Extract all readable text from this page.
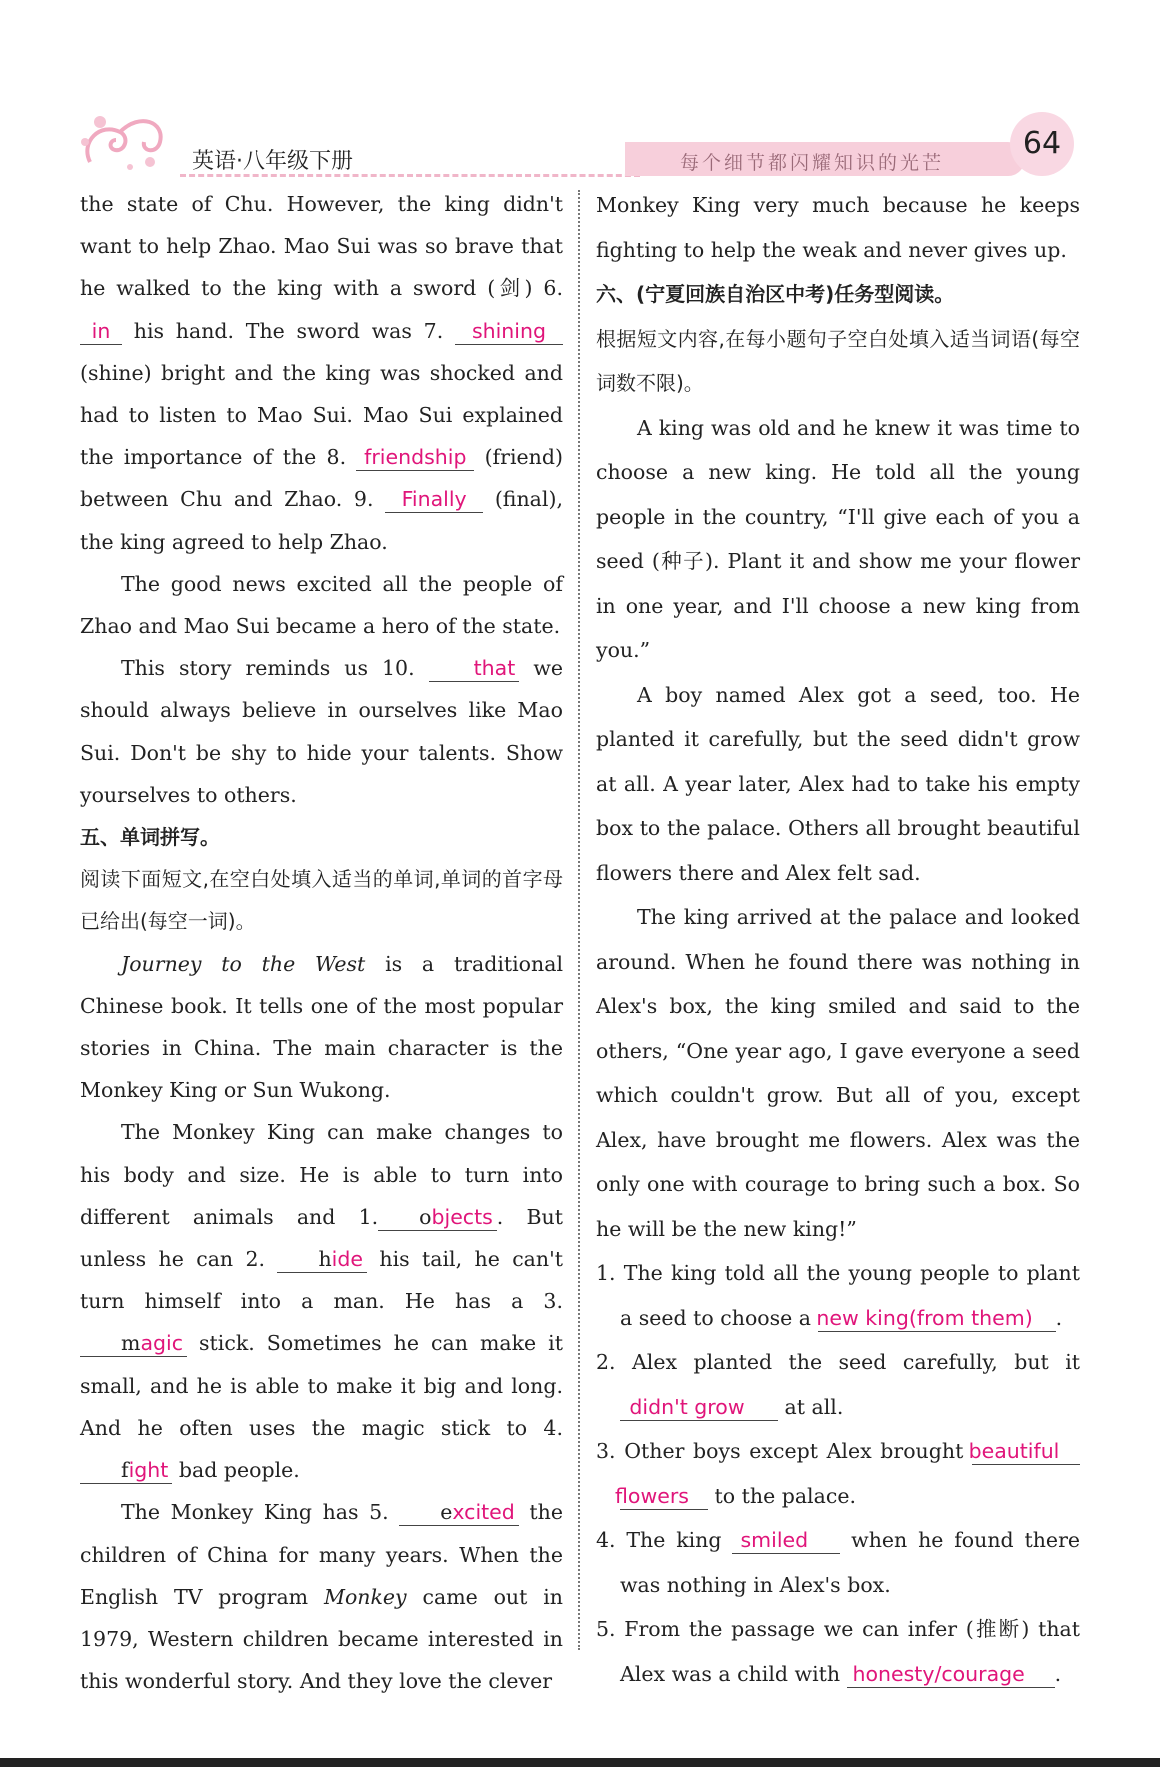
英语·八年级下册	每个细节都闪耀知识的光芒
64

the state of Chu. However, the king didn't want to help Zhao. Mao Sui was so brave that he walked to the king with a sword (剑) 6. in his hand. The sword was 7. shining (shine) bright and the king was shocked and had to listen to Mao Sui. Mao Sui explained the importance of the 8. friendship (friend) between Chu and Zhao. 9. Finally (final), the king agreed to help Zhao.

The good news excited all the people of Zhao and Mao Sui became a hero of the state.

This story reminds us 10.	that we should always believe in ourselves like Mao Sui. Don't be shy to hide your talents. Show yourselves to others.

五、单词拼写。

阅读下面短文,在空白处填入适当的单词,单词的首字母已给出(每空一词)。

Journey to the West is a traditional Chinese book. It tells one of the most popular stories in China. The main character is the Monkey King or Sun Wukong.

The Monkey King can make changes to his body and size. He is able to turn into different animals and 1. objects . But unless he can 2.	hide his tail, he can't turn himself into a man. He has a 3. magic stick. Sometimes he can make it small, and he is able to make it big and long. And he often uses the magic stick to 4. fight bad people.

The Monkey King has 5.	excited the children of China for many years. When the English TV program Monkey came out in 1979, Western children became interested in this wonderful story. And they love the clever

Monkey King very much because he keeps fighting to help the weak and never gives up.

六、(宁夏回族自治区中考)任务型阅读。

根据短文内容,在每小题句子空白处填入适当词语(每空词数不限)。

A king was old and he knew it was time to choose a new king. He told all the young people in the country, “I'll give each of you a seed (种子). Plant it and show me your flower in one year, and I'll choose a new king from you.”

A boy named Alex got a seed, too. He planted it carefully, but the seed didn't grow at all. A year later, Alex had to take his empty box to the palace. Others all brought beautiful flowers there and Alex felt sad.

The king arrived at the palace and looked around. When he found there was nothing in Alex's box, the king smiled and said to the others, “One year ago, I gave everyone a seed which couldn't grow. But all of you, except Alex, have brought me flowers. Alex was the only one with courage to bring such a box. So he will be the new king!”

1. The king told all the young people to plant a seed to choose a new king(from them) .

2. Alex planted the seed carefully, but it didn't grow at all.

3. Other boys except Alex brought beautiful flowers to the palace.

4. The king smiled when he found there was nothing in Alex's box.

5. From the passage we can infer (推断) that Alex was a child with honesty/courage .
